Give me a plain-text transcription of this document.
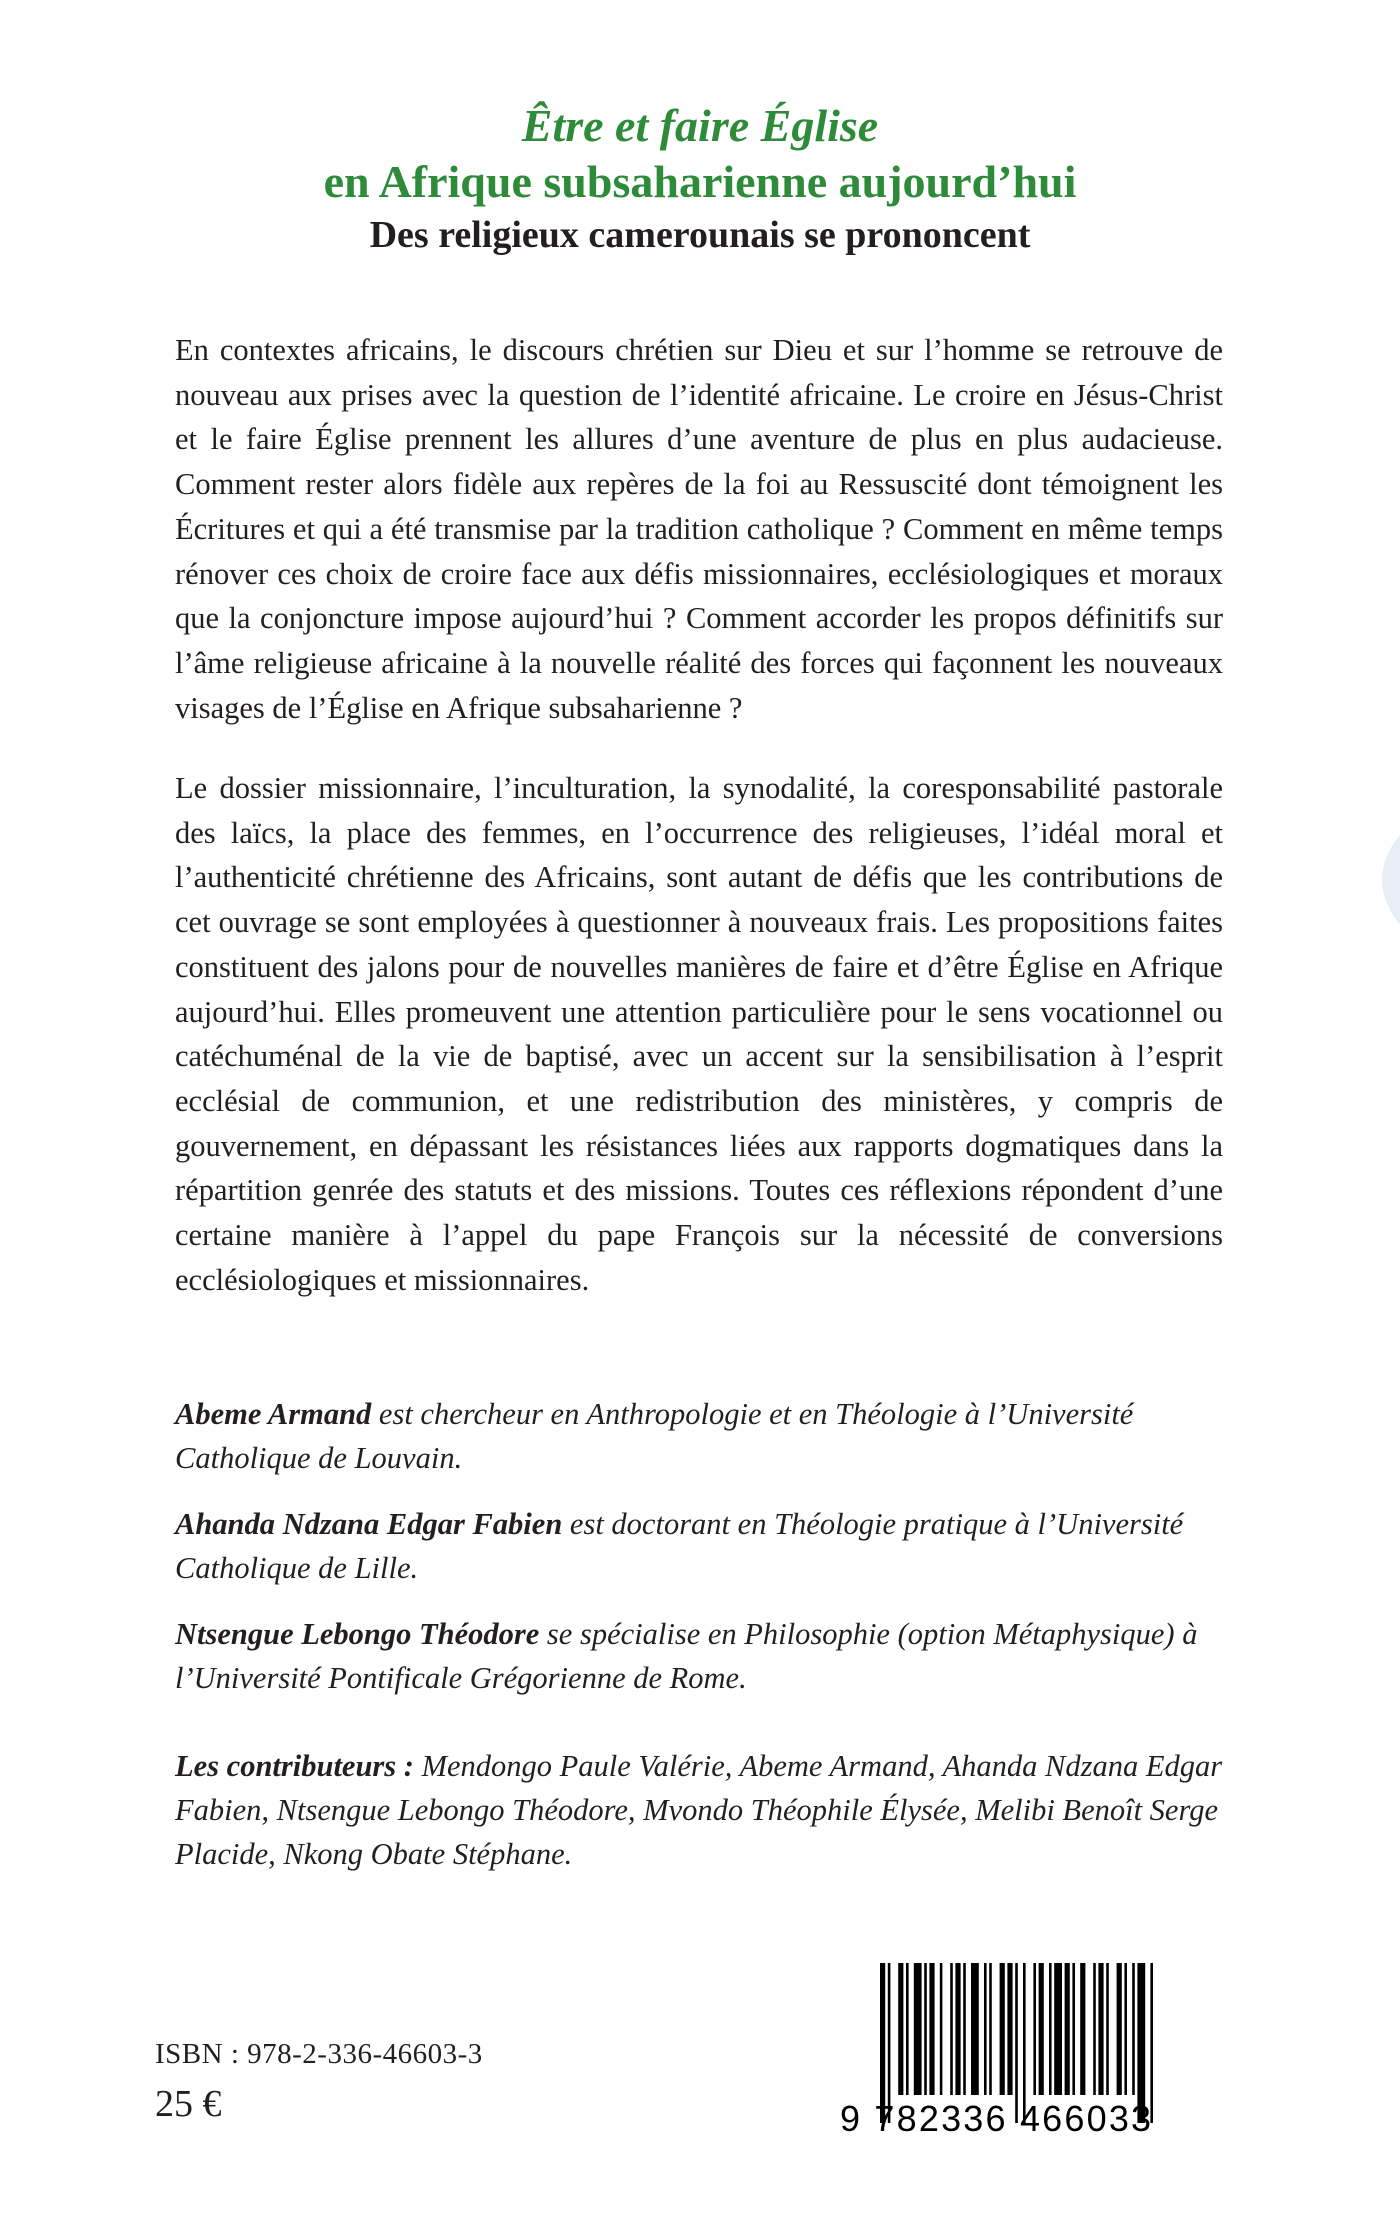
Être et faire Église
en Afrique subsaharienne aujourd’hui
Des religieux camerounais se prononcent

En contextes africains, le discours chrétien sur Dieu et sur l’homme se retrouve de nouveau aux prises avec la question de l’identité africaine. Le croire en Jésus-Christ et le faire Église prennent les allures d’une aventure de plus en plus audacieuse. Comment rester alors fidèle aux repères de la foi au Ressuscité dont témoignent les Écritures et qui a été transmise par la tradition catholique ? Comment en même temps rénover ces choix de croire face aux défis missionnaires, ecclésiologiques et moraux que la conjoncture impose aujourd’hui ? Comment accorder les propos définitifs sur l’âme religieuse africaine à la nouvelle réalité des forces qui façonnent les nouveaux visages de l’Église en Afrique subsaharienne ?

Le dossier missionnaire, l’inculturation, la synodalité, la coresponsabilité pastorale des laïcs, la place des femmes, en l’occurrence des religieuses, l’idéal moral et l’authenticité chrétienne des Africains, sont autant de défis que les contributions de cet ouvrage se sont employées à questionner à nouveaux frais. Les propositions faites constituent des jalons pour de nouvelles manières de faire et d’être Église en Afrique aujourd’hui. Elles promeuvent une attention particulière pour le sens vocationnel ou catéchuménal de la vie de baptisé, avec un accent sur la sensibilisation à l’esprit ecclésial de communion, et une redistribution des ministères, y compris de gouvernement, en dépassant les résistances liées aux rapports dogmatiques dans la répartition genrée des statuts et des missions. Toutes ces réflexions répondent d’une certaine manière à l’appel du pape François sur la nécessité de conversions ecclésiologiques et missionnaires.

Abeme Armand est chercheur en Anthropologie et en Théologie à l’Université Catholique de Louvain.

Ahanda Ndzana Edgar Fabien est doctorant en Théologie pratique à l’Université Catholique de Lille.

Ntsengue Lebongo Théodore se spécialise en Philosophie (option Métaphysique) à l’Université Pontificale Grégorienne de Rome.

Les contributeurs : Mendongo Paule Valérie, Abeme Armand, Ahanda Ndzana Edgar Fabien, Ntsengue Lebongo Théodore, Mvondo Théophile Élysée, Melibi Benoît Serge Placide, Nkong Obate Stéphane.

ISBN : 978-2-336-46603-3
25 €	9 782336 466033
